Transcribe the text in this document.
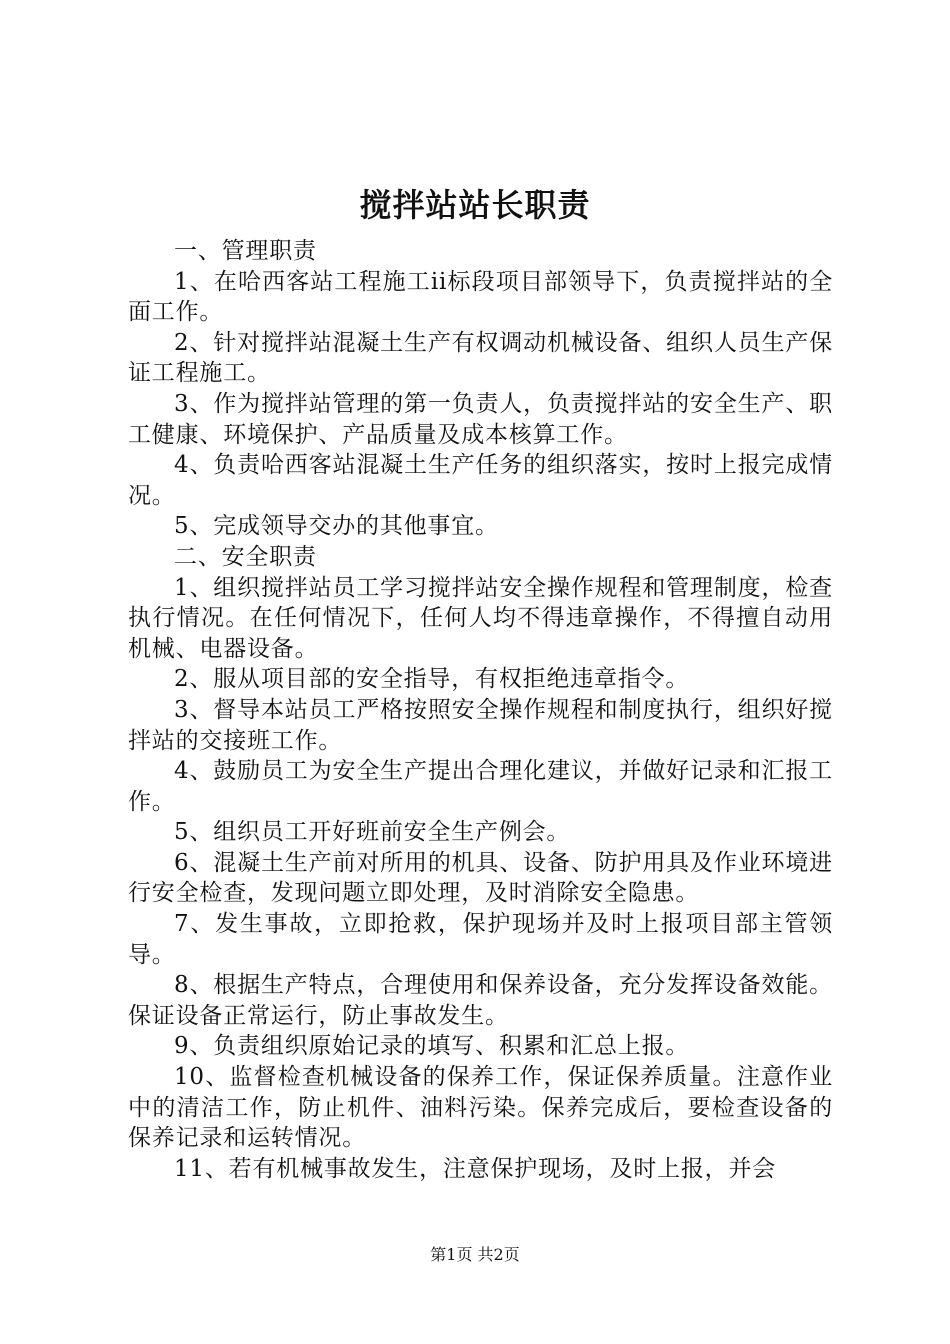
搅拌站站长职责

一、管理职责

1、在哈西客站工程施工ii标段项目部领导下，负责搅拌站的全面工作。

2、针对搅拌站混凝土生产有权调动机械设备、组织人员生产保证工程施工。

3、作为搅拌站管理的第一负责人，负责搅拌站的安全生产、职工健康、环境保护、产品质量及成本核算工作。

4、负责哈西客站混凝土生产任务的组织落实，按时上报完成情况。

5、完成领导交办的其他事宜。

二、安全职责

1、组织搅拌站员工学习搅拌站安全操作规程和管理制度，检查执行情况。在任何情况下，任何人均不得违章操作，不得擅自动用机械、电器设备。

2、服从项目部的安全指导，有权拒绝违章指令。

3、督导本站员工严格按照安全操作规程和制度执行，组织好搅拌站的交接班工作。

4、鼓励员工为安全生产提出合理化建议，并做好记录和汇报工作。

5、组织员工开好班前安全生产例会。

6、混凝土生产前对所用的机具、设备、防护用具及作业环境进行安全检查，发现问题立即处理，及时消除安全隐患。

7、发生事故，立即抢救，保护现场并及时上报项目部主管领导。

8、根据生产特点，合理使用和保养设备，充分发挥设备效能。保证设备正常运行，防止事故发生。

9、负责组织原始记录的填写、积累和汇总上报。

10、监督检查机械设备的保养工作，保证保养质量。注意作业中的清洁工作，防止机件、油料污染。保养完成后，要检查设备的保养记录和运转情况。

11、若有机械事故发生，注意保护现场，及时上报，并会

第1页 共2页
